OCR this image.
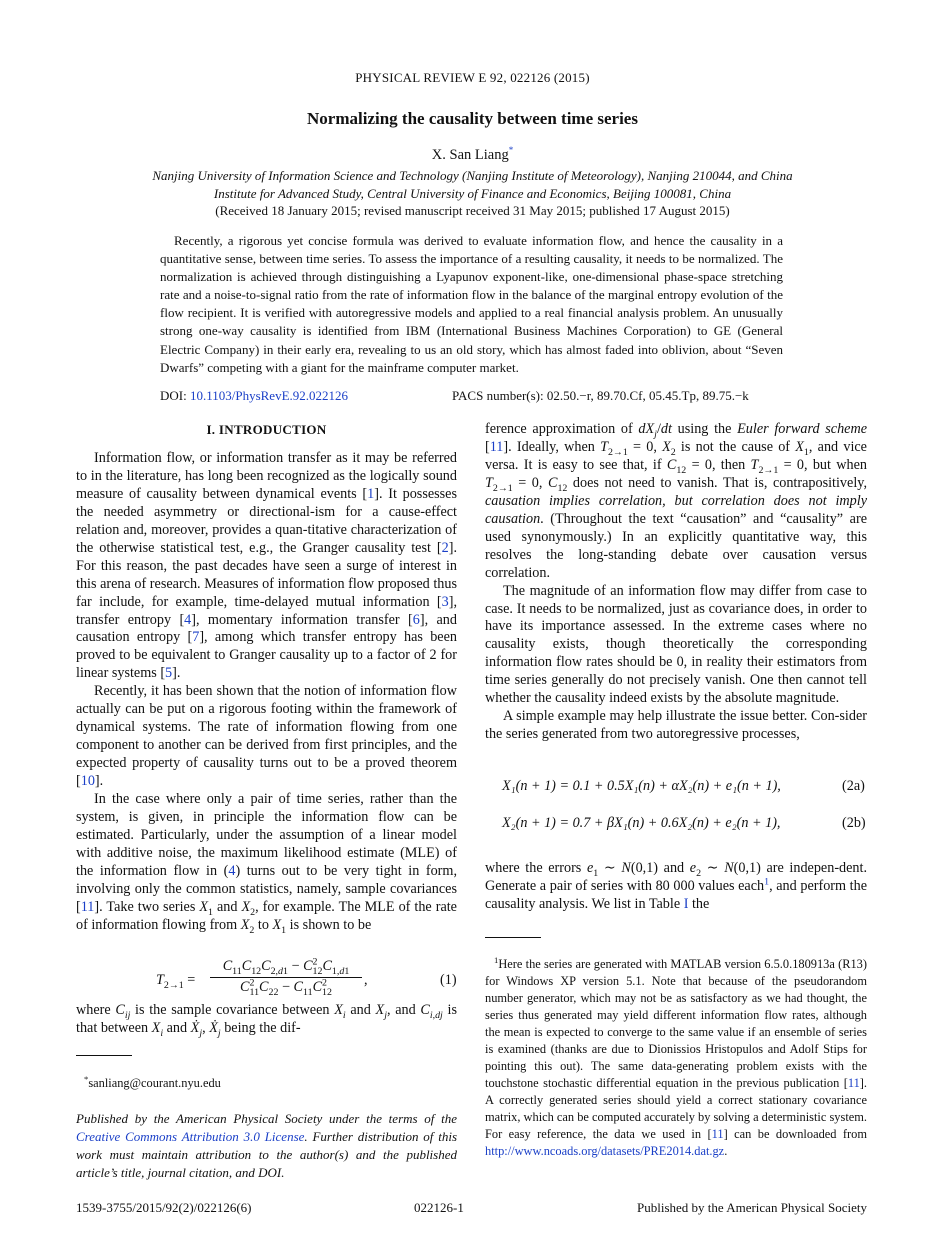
PHYSICAL REVIEW E 92, 022126 (2015)
Normalizing the causality between time series
X. San Liang*
Nanjing University of Information Science and Technology (Nanjing Institute of Meteorology), Nanjing 210044, and China Institute for Advanced Study, Central University of Finance and Economics, Beijing 100081, China
(Received 18 January 2015; revised manuscript received 31 May 2015; published 17 August 2015)
Recently, a rigorous yet concise formula was derived to evaluate information flow, and hence the causality in a quantitative sense, between time series. To assess the importance of a resulting causality, it needs to be normalized. The normalization is achieved through distinguishing a Lyapunov exponent-like, one-dimensional phase-space stretching rate and a noise-to-signal ratio from the rate of information flow in the balance of the marginal entropy evolution of the flow recipient. It is verified with autoregressive models and applied to a real financial analysis problem. An unusually strong one-way causality is identified from IBM (International Business Machines Corporation) to GE (General Electric Company) in their early era, revealing to us an old story, which has almost faded into oblivion, about “Seven Dwarfs” competing with a giant for the mainframe computer market.
DOI: 10.1103/PhysRevE.92.022126	PACS number(s): 02.50.−r, 89.70.Cf, 05.45.Tp, 89.75.−k
I. INTRODUCTION

Information flow, or information transfer as it may be referred to in the literature, has long been recognized as the logically sound measure of causality between dynamical events [1]. It possesses the needed asymmetry or directional-ism for a cause-effect relation and, moreover, provides a quan-titative characterization of the otherwise statistical test, e.g., the Granger causality test [2]. For this reason, the past decades have seen a surge of interest in this arena of research. Measures of information flow proposed thus far include, for example, time-delayed mutual information [3], transfer entropy [4], momentary information transfer [6], and causation entropy [7], among which transfer entropy has been proved to be equivalent to Granger causality up to a factor of 2 for linear systems [5].

Recently, it has been shown that the notion of information flow actually can be put on a rigorous footing within the framework of dynamical systems. The rate of information flowing from one component to another can be derived from first principles, and the expected property of causality turns out to be a proved theorem [10].

In the case where only a pair of time series, rather than the system, is given, in principle the information flow can be estimated. Particularly, under the assumption of a linear model with additive noise, the maximum likelihood estimate (MLE) of the information flow in (4) turns out to be very tight in form, involving only the common statistics, namely, sample covariances [11]. Take two series $X_1$ and $X_2$, for example. The MLE of the rate of information flowing from $X_2$ to $X_1$ is shown to be

$T_{2\to 1}$ =
$C_{11}C_{12}C_{2,d1} - C^2_{12}C_{1,d1}$
$C^2_{11}C_{22} - C_{11}C^2_{12}$
,	(1)

where $C_{ij}$ is the sample covariance between $X_i$ and $X_j$, and $C_{i,dj}$ is that between $X_i$ and Ẋ$_j$, Ẋ$_j$ being the dif-

*sanliang@courant.nyu.edu
Published by the American Physical Society under the terms of the Creative Commons Attribution 3.0 License. Further distribution of this work must maintain attribution to the author(s) and the published article’s title, journal citation, and DOI.

ference approximation of $dX_j/dt$ using the Euler forward scheme [11]. Ideally, when $T_{2\to 1} = 0$, $X_2$ is not the cause of $X_1$, and vice versa. It is easy to see that, if $C_{12} = 0$, then $T_{2\to 1} = 0$, but when $T_{2\to 1} = 0$, $C_{12}$ does not need to vanish. That is, contrapositively, causation implies correlation, but correlation does not imply causation. (Throughout the text “causation” and “causality” are used synonymously.) In an explicitly quantitative way, this resolves the long-standing debate over causation versus correlation.

The magnitude of an information flow may differ from case to case. It needs to be normalized, just as covariance does, in order to have its importance assessed. In the extreme cases where no causality exists, though theoretically the corresponding information flow rates should be 0, in reality their estimators from time series generally do not precisely vanish. One then cannot tell whether the causality indeed exists by the absolute magnitude.

A simple example may help illustrate the issue better. Con-sider the series generated from two autoregressive processes,

X₁(n + 1) = 0.1 + 0.5X₁(n) + αX₂(n) + e₁(n + 1),	(2a)
X₂(n + 1) = 0.7 + βX₁(n) + 0.6X₂(n) + e₂(n + 1),	(2b)

where the errors $e_1$ ∼ N(0,1) and $e_2$ ∼ N(0,1) are indepen-dent. Generate a pair of series with 80 000 values each$^1$, and perform the causality analysis. We list in Table I the

$^1$Here the series are generated with MATLAB version 6.5.0.180913a (R13) for Windows XP version 5.1. Note that because of the pseudorandom number generator, which may not be as satisfactory as we had thought, the series thus generated may yield different information flow rates, although the mean is expected to converge to the same value if an ensemble of series is examined (thanks are due to Dionissios Hristopulos and Adolf Stips for pointing this out). The same data-generating problem exists with the touchstone stochastic differential equation in the previous publication [11]. A correctly generated series should yield a correct stationary covariance matrix, which can be computed accurately by solving a deterministic system. For easy reference, the data we used in [11] can be downloaded from http://www.ncoads.org/datasets/PRE2014.dat.gz.
1539-3755/2015/92(2)/022126(6)	022126-1	Published by the American Physical Society
